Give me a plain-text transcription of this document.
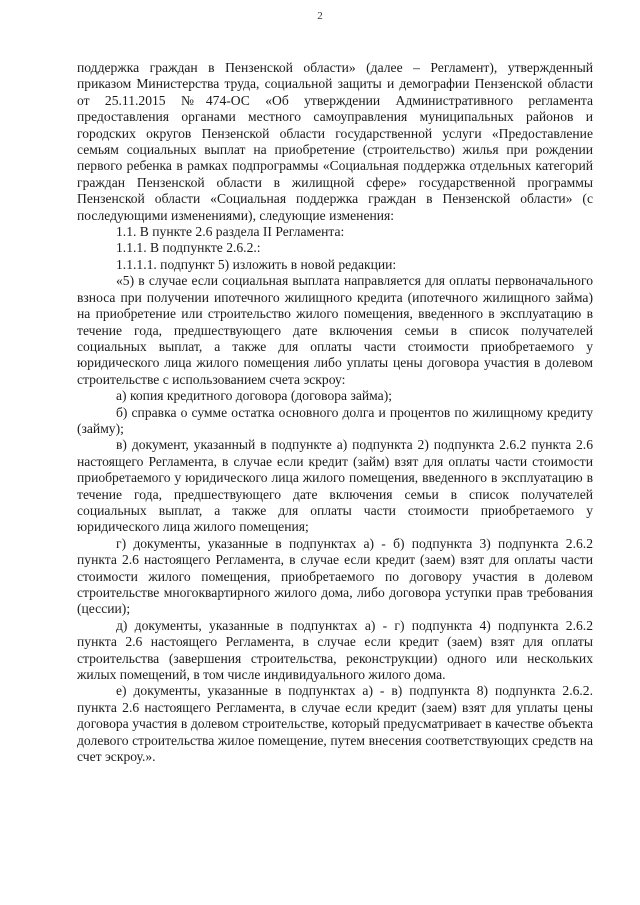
2

поддержка граждан в Пензенской области» (далее – Регламент), утвержденный приказом Министерства труда, социальной защиты и демографии Пензенской области от 25.11.2015 №474-ОС «Об утверждении Административного регламента предоставления органами местного самоуправления муниципальных районов и городских округов Пензенской области государственной услуги «Предоставление семьям социальных выплат на приобретение (строительство) жилья при рождении первого ребенка в рамках подпрограммы «Социальная поддержка отдельных категорий граждан Пензенской области в жилищной сфере» государственной программы Пензенской области «Социальная поддержка граждан в Пензенской области» (с последующими изменениями), следующие изменения:

1.1. В пункте 2.6 раздела II Регламента:

1.1.1. В подпункте 2.6.2.:

1.1.1.1. подпункт 5) изложить в новой редакции:

«5) в случае если социальная выплата направляется для оплаты первоначального взноса при получении ипотечного жилищного кредита (ипотечного жилищного займа) на приобретение или строительство жилого помещения, введенного в эксплуатацию в течение года, предшествующего дате включения семьи в список получателей социальных выплат, а также для оплаты части стоимости приобретаемого у юридического лица жилого помещения либо уплаты цены договора участия в долевом строительстве с использованием счета эскроу:

а) копия кредитного договора (договора займа);

б) справка о сумме остатка основного долга и процентов по жилищному кредиту (займу);

в) документ, указанный в подпункте а) подпункта 2) подпункта 2.6.2 пункта 2.6 настоящего Регламента, в случае если кредит (займ) взят для оплаты части стоимости приобретаемого у юридического лица жилого помещения, введенного в эксплуатацию в течение года, предшествующего дате включения семьи в список получателей социальных выплат, а также для оплаты части стоимости приобретаемого у юридического лица жилого помещения;

г) документы, указанные в подпунктах а) - б) подпункта 3) подпункта 2.6.2 пункта 2.6 настоящего Регламента, в случае если кредит (заем) взят для оплаты части стоимости жилого помещения, приобретаемого по договору участия в долевом строительстве многоквартирного жилого дома, либо договора уступки прав требования (цессии);

д) документы, указанные в подпунктах а) - г) подпункта 4) подпункта 2.6.2 пункта 2.6 настоящего Регламента, в случае если кредит (заем) взят для оплаты строительства (завершения строительства, реконструкции) одного или нескольких жилых помещений, в том числе индивидуального жилого дома.

е) документы, указанные в подпунктах а) - в) подпункта 8) подпункта 2.6.2. пункта 2.6 настоящего Регламента, в случае если кредит (заем) взят для уплаты цены договора участия в долевом строительстве, который предусматривает в качестве объекта долевого строительства жилое помещение, путем внесения соответствующих средств на счет эскроу.».
